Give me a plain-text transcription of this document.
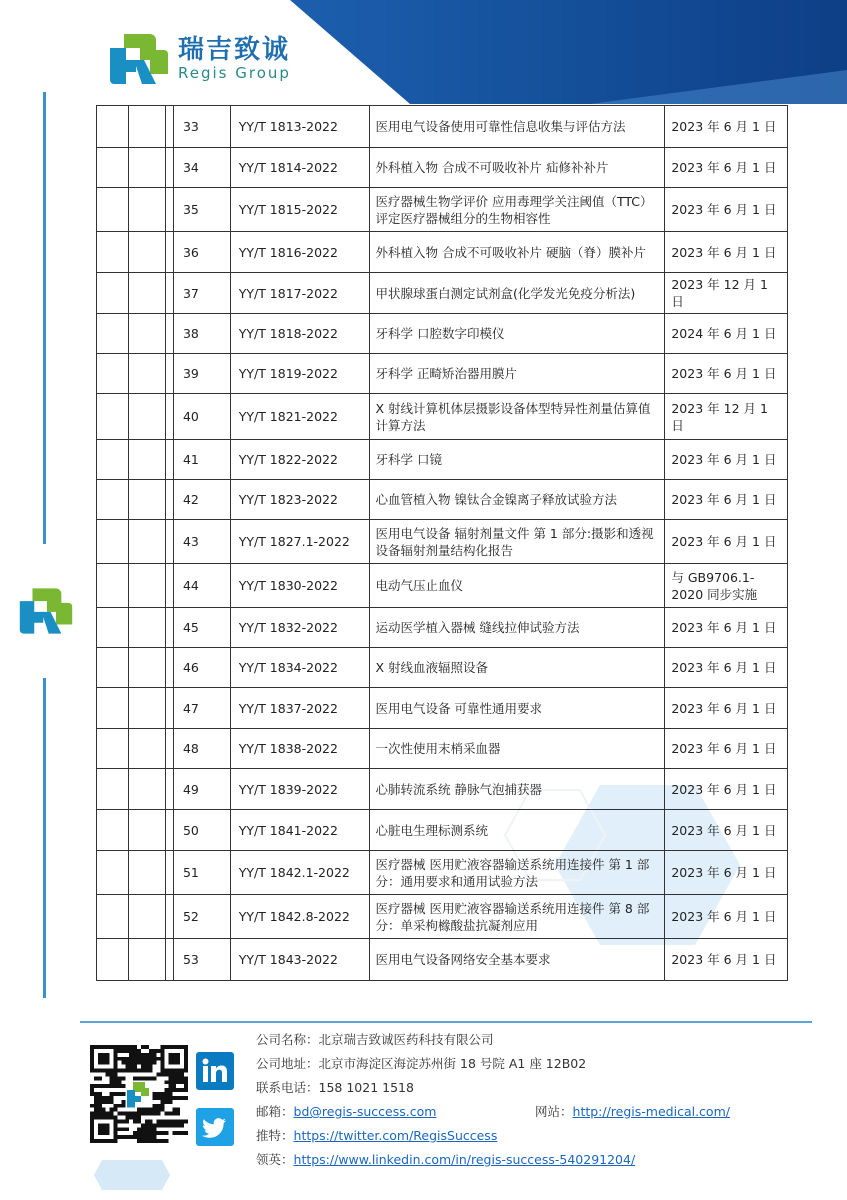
瑞吉致诚
Regis Group
			33	YY/T 1813-2022	医用电气设备使用可靠性信息收集与评估方法	2023 年 6 月 1 日
			34	YY/T 1814-2022	外科植入物 合成不可吸收补片 疝修补补片	2023 年 6 月 1 日
			35	YY/T 1815-2022	医疗器械生物学评价 应用毒理学关注阈值（TTC）评定医疗器械组分的生物相容性	2023 年 6 月 1 日
			36	YY/T 1816-2022	外科植入物 合成不可吸收补片 硬脑（脊）膜补片	2023 年 6 月 1 日
			37	YY/T 1817-2022	甲状腺球蛋白测定试剂盒(化学发光免疫分析法)	2023 年 12 月 1 日
			38	YY/T 1818-2022	牙科学 口腔数字印模仪	2024 年 6 月 1 日
			39	YY/T 1819-2022	牙科学 正畸矫治器用膜片	2023 年 6 月 1 日
			40	YY/T 1821-2022	X 射线计算机体层摄影设备体型特异性剂量估算值计算方法	2023 年 12 月 1 日
			41	YY/T 1822-2022	牙科学 口镜	2023 年 6 月 1 日
			42	YY/T 1823-2022	心血管植入物 镍钛合金镍离子释放试验方法	2023 年 6 月 1 日
			43	YY/T 1827.1-2022	医用电气设备 辐射剂量文件 第 1 部分:摄影和透视设备辐射剂量结构化报告	2023 年 6 月 1 日
			44	YY/T 1830-2022	电动气压止血仪	与 GB9706.1-2020 同步实施
			45	YY/T 1832-2022	运动医学植入器械 缝线拉伸试验方法	2023 年 6 月 1 日
			46	YY/T 1834-2022	X 射线血液辐照设备	2023 年 6 月 1 日
			47	YY/T 1837-2022	医用电气设备 可靠性通用要求	2023 年 6 月 1 日
			48	YY/T 1838-2022	一次性使用末梢采血器	2023 年 6 月 1 日
			49	YY/T 1839-2022	心肺转流系统 静脉气泡捕获器	2023 年 6 月 1 日
			50	YY/T 1841-2022	心脏电生理标测系统	2023 年 6 月 1 日
			51	YY/T 1842.1-2022	医疗器械 医用贮液容器输送系统用连接件 第 1 部分：通用要求和通用试验方法	2023 年 6 月 1 日
			52	YY/T 1842.8-2022	医疗器械 医用贮液容器输送系统用连接件 第 8 部分：单采枸橼酸盐抗凝剂应用	2023 年 6 月 1 日
			53	YY/T 1843-2022	医用电气设备网络安全基本要求	2023 年 6 月 1 日
公司名称：北京瑞吉致诚医药科技有限公司
公司地址：北京市海淀区海淀苏州街 18 号院 A1 座 12B02
联系电话：158 1021 1518
邮箱：bd@regis-success.com
推特：https://twitter.com/RegisSuccess
领英：https://www.linkedin.com/in/regis-success-540291204/
网站：http://regis-medical.com/
